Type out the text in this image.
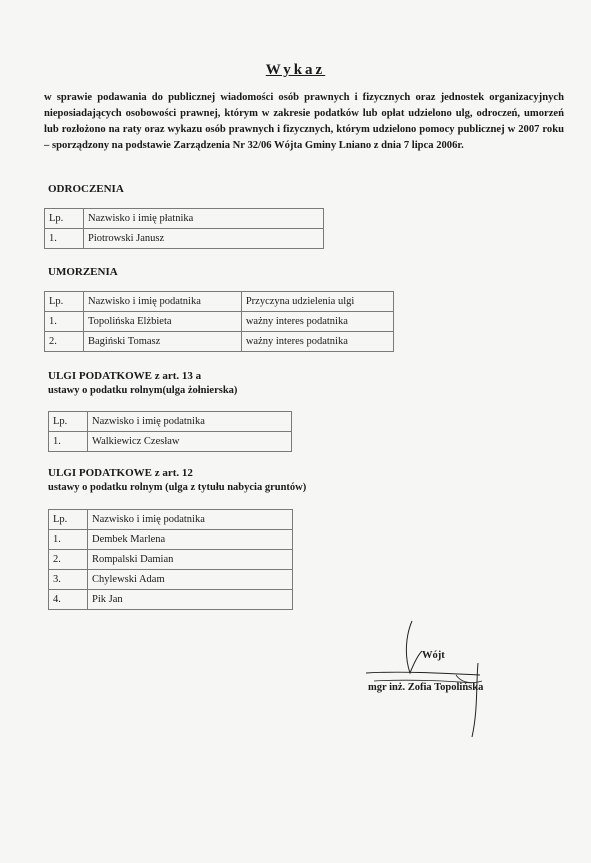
Wykaz
w sprawie podawania do publicznej wiadomości osób prawnych i fizycznych oraz jednostek organizacyjnych nieposiadających osobowości prawnej, którym w zakresie podatków lub opłat udzielono ulg, odroczeń, umorzeń lub rozłożono na raty oraz wykazu osób prawnych i fizycznych, którym udzielono pomocy publicznej w 2007 roku – sporządzony na podstawie Zarządzenia Nr 32/06 Wójta Gminy Lniano z dnia 7 lipca 2006r.
ODROCZENIA
Lp.	Nazwisko i imię płatnika
1.	Piotrowski Janusz
UMORZENIA
Lp.	Nazwisko i imię podatnika	Przyczyna udzielenia ulgi
1.	Topolińska Elżbieta	ważny interes podatnika
2.	Bagiński Tomasz	ważny interes podatnika
ULGI PODATKOWE z art. 13 a
ustawy o podatku rolnym(ulga żołnierska)
Lp.	Nazwisko i imię podatnika
1.	Walkiewicz Czesław
ULGI PODATKOWE z art. 12
ustawy o podatku rolnym (ulga z tytułu nabycia gruntów)
Lp.	Nazwisko i imię podatnika
1.	Dembek Marlena
2.	Rompalski Damian
3.	Chylewski Adam
4.	Pik Jan
Wójt
mgr inż. Zofia Topolińska
